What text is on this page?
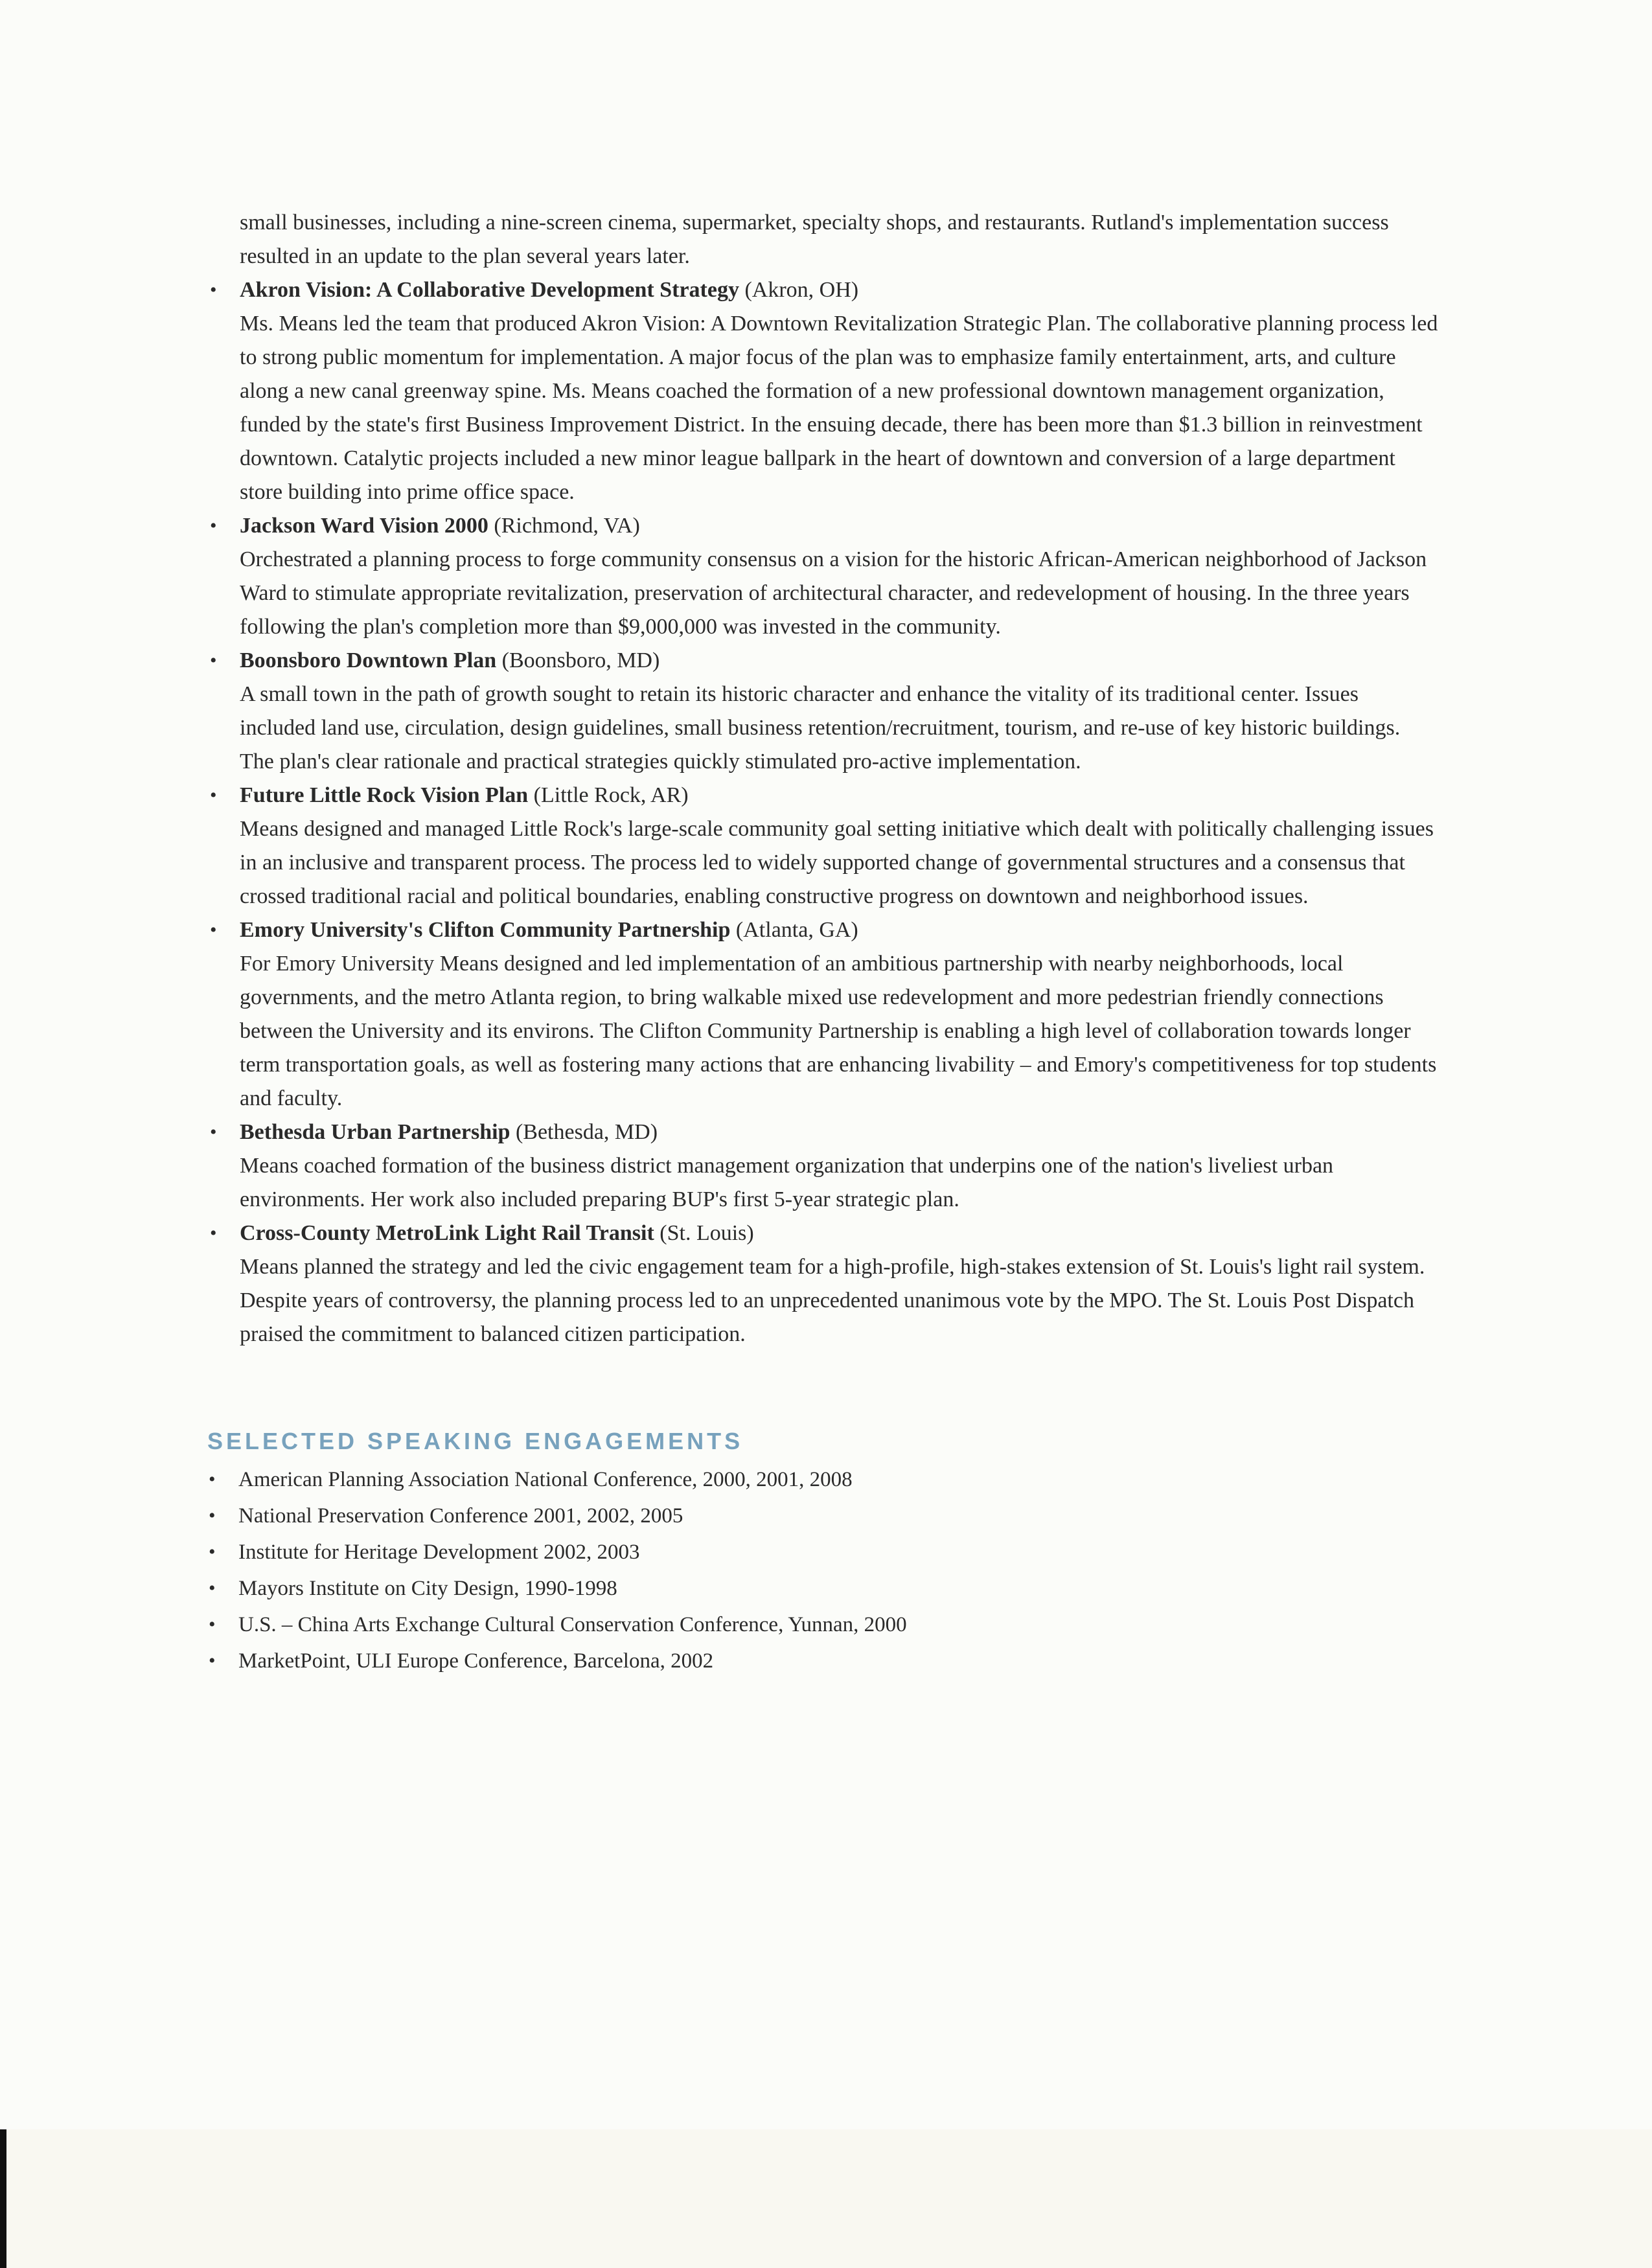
small businesses, including a nine-screen cinema, supermarket, specialty shops, and restaurants. Rutland's implementation success resulted in an update to the plan several years later.

• Akron Vision: A Collaborative Development Strategy (Akron, OH)
Ms. Means led the team that produced Akron Vision: A Downtown Revitalization Strategic Plan. The collaborative planning process led to strong public momentum for implementation. A major focus of the plan was to emphasize family entertainment, arts, and culture along a new canal greenway spine. Ms. Means coached the formation of a new professional downtown management organization, funded by the state's first Business Improvement District. In the ensuing decade, there has been more than $1.3 billion in reinvestment downtown. Catalytic projects included a new minor league ballpark in the heart of downtown and conversion of a large department store building into prime office space.
• Jackson Ward Vision 2000 (Richmond, VA)
Orchestrated a planning process to forge community consensus on a vision for the historic African-American neighborhood of Jackson Ward to stimulate appropriate revitalization, preservation of architectural character, and redevelopment of housing. In the three years following the plan's completion more than $9,000,000 was invested in the community.
• Boonsboro Downtown Plan (Boonsboro, MD)
A small town in the path of growth sought to retain its historic character and enhance the vitality of its traditional center. Issues included land use, circulation, design guidelines, small business retention/recruitment, tourism, and re-use of key historic buildings. The plan's clear rationale and practical strategies quickly stimulated pro-active implementation.
• Future Little Rock Vision Plan (Little Rock, AR)
Means designed and managed Little Rock's large-scale community goal setting initiative which dealt with politically challenging issues in an inclusive and transparent process. The process led to widely supported change of governmental structures and a consensus that crossed traditional racial and political boundaries, enabling constructive progress on downtown and neighborhood issues.
• Emory University's Clifton Community Partnership (Atlanta, GA)
For Emory University Means designed and led implementation of an ambitious partnership with nearby neighborhoods, local governments, and the metro Atlanta region, to bring walkable mixed use redevelopment and more pedestrian friendly connections between the University and its environs. The Clifton Community Partnership is enabling a high level of collaboration towards longer term transportation goals, as well as fostering many actions that are enhancing livability – and Emory's competitiveness for top students and faculty.
• Bethesda Urban Partnership (Bethesda, MD)
Means coached formation of the business district management organization that underpins one of the nation's liveliest urban environments. Her work also included preparing BUP's first 5-year strategic plan.
• Cross-County MetroLink Light Rail Transit (St. Louis)
Means planned the strategy and led the civic engagement team for a high-profile, high-stakes extension of St. Louis's light rail system. Despite years of controversy, the planning process led to an unprecedented unanimous vote by the MPO. The St. Louis Post Dispatch praised the commitment to balanced citizen participation.
SELECTED SPEAKING ENGAGEMENTS
• American Planning Association National Conference, 2000, 2001, 2008
• National Preservation Conference 2001, 2002, 2005
• Institute for Heritage Development 2002, 2003
• Mayors Institute on City Design, 1990-1998
• U.S. – China Arts Exchange Cultural Conservation Conference, Yunnan, 2000
• MarketPoint, ULI Europe Conference, Barcelona, 2002
